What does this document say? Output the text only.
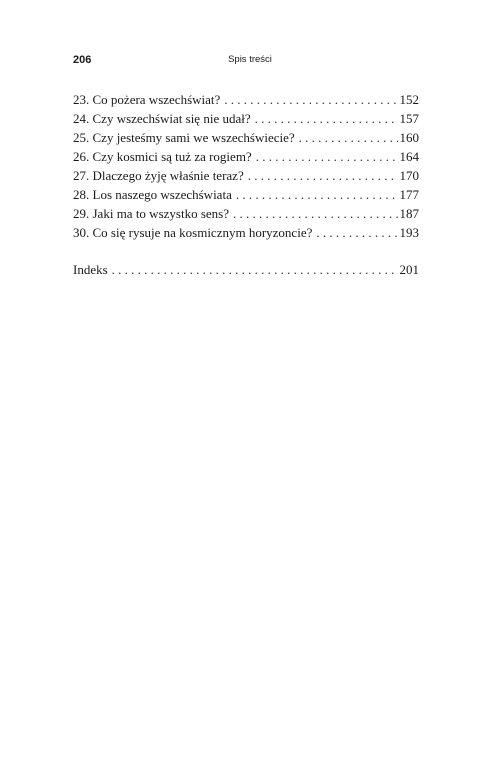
206	Spis treści
23. Co pożera wszechświat? . . .	152
24. Czy wszechświat się nie udał? . . .	157
25. Czy jesteśmy sami we wszechświecie? . . .	160
26. Czy kosmici są tuż za rogiem? . . .	164
27. Dlaczego żyję właśnie teraz? . . .	170
28. Los naszego wszechświata . . .	177
29. Jaki ma to wszystko sens? . . .	187
30. Co się rysuje na kosmicznym horyzoncie? . . .	193
Indeks . . .	201
